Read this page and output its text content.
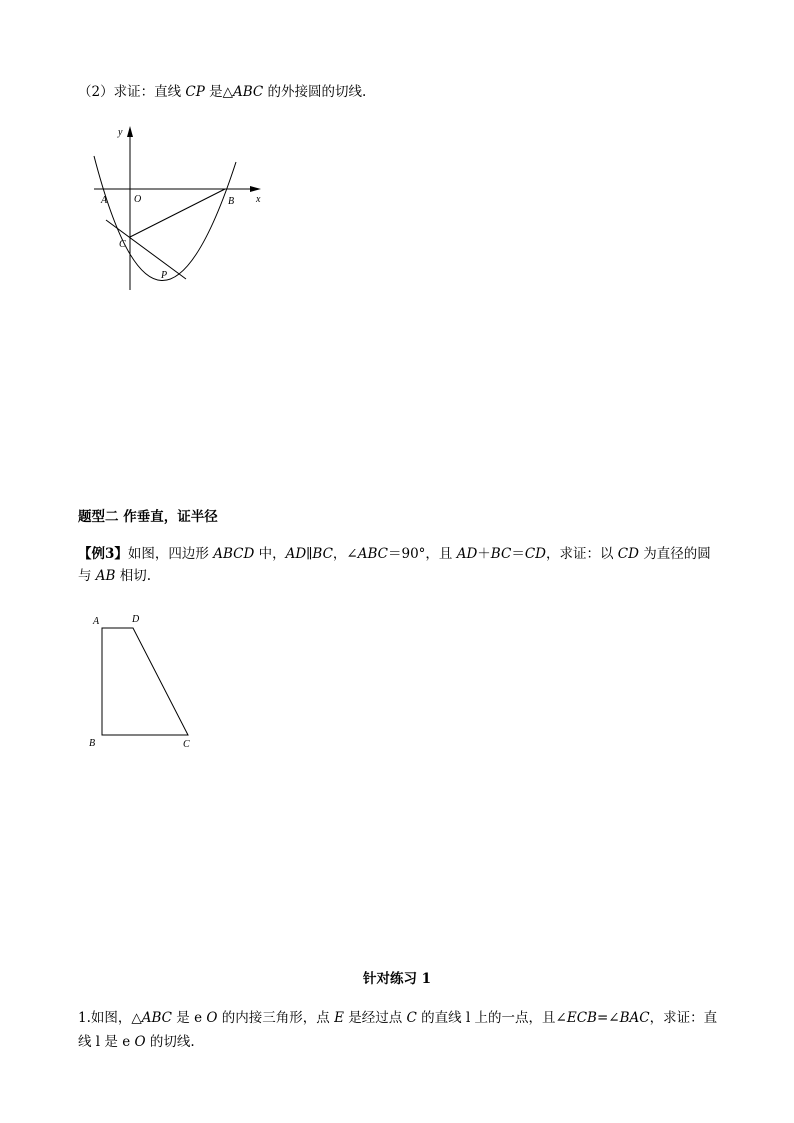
（2）求证：直线 CP 是△ABC 的外接圆的切线.
y
x
O
A	B
C
P
题型二 作垂直，证半径
【例3】如图，四边形 ABCD 中，AD∥BC，∠ABC＝90°，且 AD＋BC＝CD，求证：以 CD 为直径的圆
与 AB 相切.
A	D
B	C
针对练习 1
1.如图，△ABC 是 e O 的内接三角形，点 E 是经过点 C 的直线 l 上的一点，且∠ECB=∠BAC，求证：直
线 l 是 e O 的切线.
